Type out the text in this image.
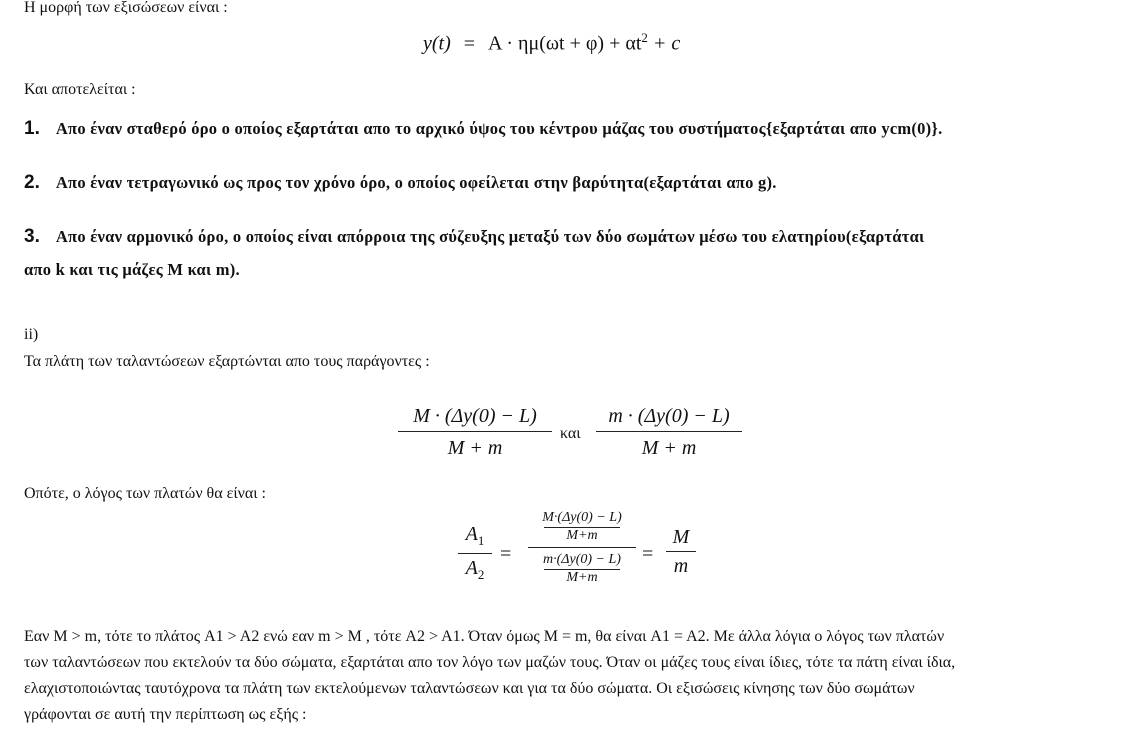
Η μορφή των εξισώσεων είναι :
$y(t) = A \cdot \eta\mu(\omega t + \varphi) + \alpha t^2 + c$
Και αποτελείται :
1. Απο έναν σταθερό όρο ο οποίος εξαρτάται απο το αρχικό ύψος του κέντρου μάζας του συστήματος{εξαρτάται απο ycm(0)}.
2. Απο έναν τετραγωνικό ως προς τον χρόνο όρο, ο οποίος οφείλεται στην βαρύτητα(εξαρτάται απο g).
3. Απο έναν αρμονικό όρο, ο οποίος είναι απόρροια της σύζευξης μεταξύ των δύο σωμάτων μέσω του ελατηρίου(εξαρτάται
απο k και τις μάζες M και m).
ii)
Τα πλάτη των ταλαντώσεων εξαρτώνται απο τους παράγοντες :
M · (Δy(0) − L)
M + m
και
m · (Δy(0) − L)
M + m
Οπότε, ο λόγος των πλατών θα είναι :
$A_1$
$A_2$
=
M·(Δy(0) − L)
M+m
m·(Δy(0) − L)
M+m
=
M
m
Εαν M > m, τότε το πλάτος A1 > A2 ενώ εαν m > M , τότε A2 > A1. Όταν όμως M = m, θα είναι A1 = A2. Με άλλα λόγια ο λόγος των πλατών
των ταλαντώσεων που εκτελούν τα δύο σώματα, εξαρτάται απο τον λόγο των μαζών τους. Όταν οι μάζες τους είναι ίδιες, τότε τα πάτη είναι ίδια,
ελαχιστοποιώντας ταυτόχρονα τα πλάτη των εκτελούμενων ταλαντώσεων και για τα δύο σώματα. Οι εξισώσεις κίνησης των δύο σωμάτων
γράφονται σε αυτή την περίπτωση ως εξής :
